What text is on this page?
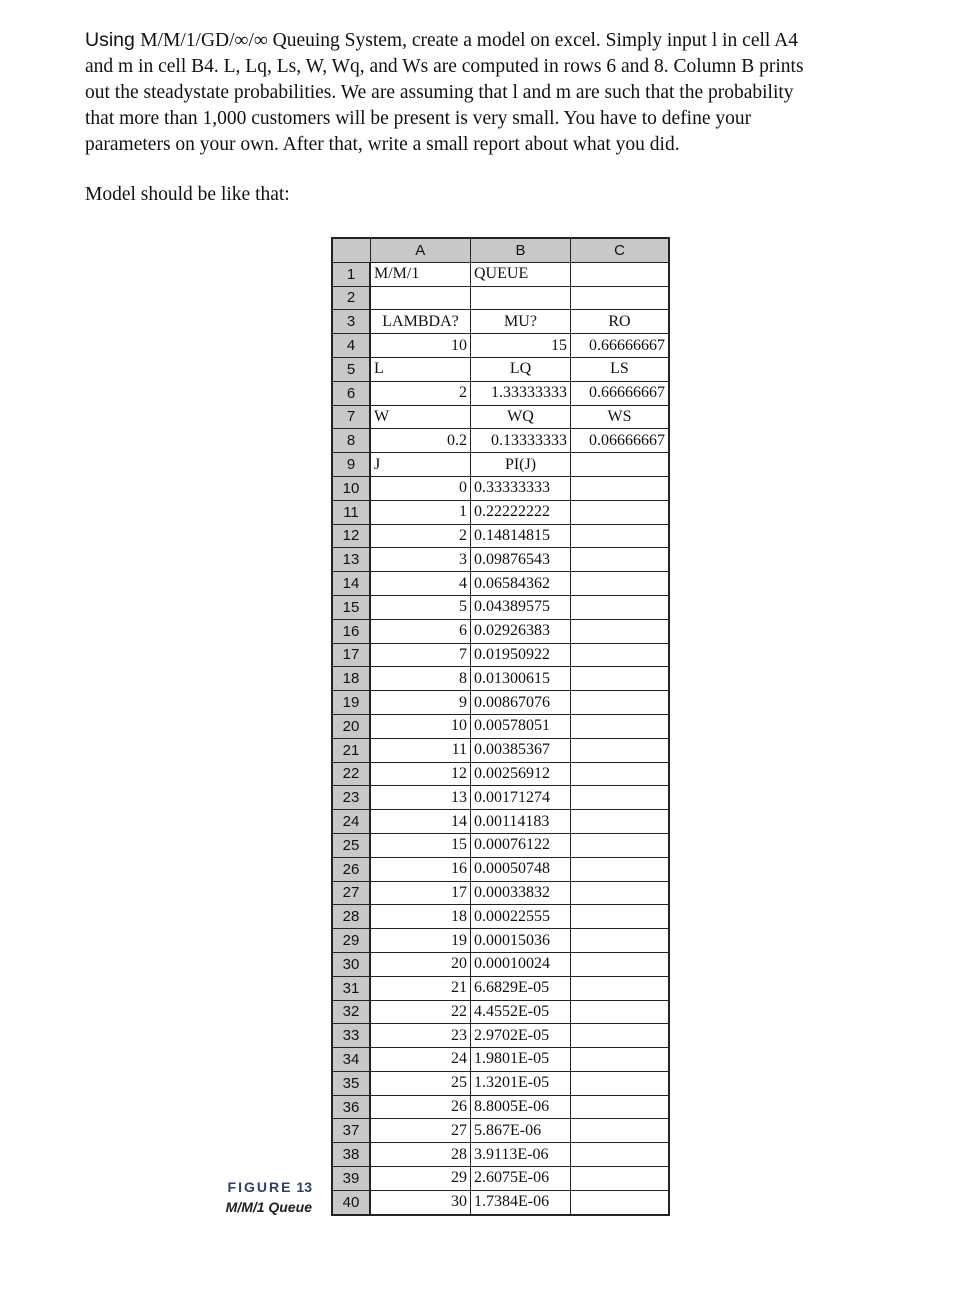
Using M/M/1/GD/∞/∞ Queuing System, create a model on excel. Simply input l in cell A4
and m in cell B4. L, Lq, Ls, W, Wq, and Ws are computed in rows 6 and 8. Column B prints
out the steadystate probabilities. We are assuming that l and m are such that the probability
that more than 1,000 customers will be present is very small. You have to define your
parameters on your own. After that, write a small report about what you did.
Model should be like that:
	A	B	C
1	M/M/1	QUEUE	
2			
3	LAMBDA?	MU?	RO
4	10	15	0.66666667
5	L	LQ	LS
6	2	1.33333333	0.66666667
7	W	WQ	WS
8	0.2	0.13333333	0.06666667
9	J	PI(J)	
10	0	0.33333333	
11	1	0.22222222	
12	2	0.14814815	
13	3	0.09876543	
14	4	0.06584362	
15	5	0.04389575	
16	6	0.02926383	
17	7	0.01950922	
18	8	0.01300615	
19	9	0.00867076	
20	10	0.00578051	
21	11	0.00385367	
22	12	0.00256912	
23	13	0.00171274	
24	14	0.00114183	
25	15	0.00076122	
26	16	0.00050748	
27	17	0.00033832	
28	18	0.00022555	
29	19	0.00015036	
30	20	0.00010024	
31	21	6.6829E-05	
32	22	4.4552E-05	
33	23	2.9702E-05	
34	24	1.9801E-05	
35	25	1.3201E-05	
36	26	8.8005E-06	
37	27	5.867E-06	
38	28	3.9113E-06	
39	29	2.6075E-06	
40	30	1.7384E-06	
FIGURE 13
M/M/1 Queue
